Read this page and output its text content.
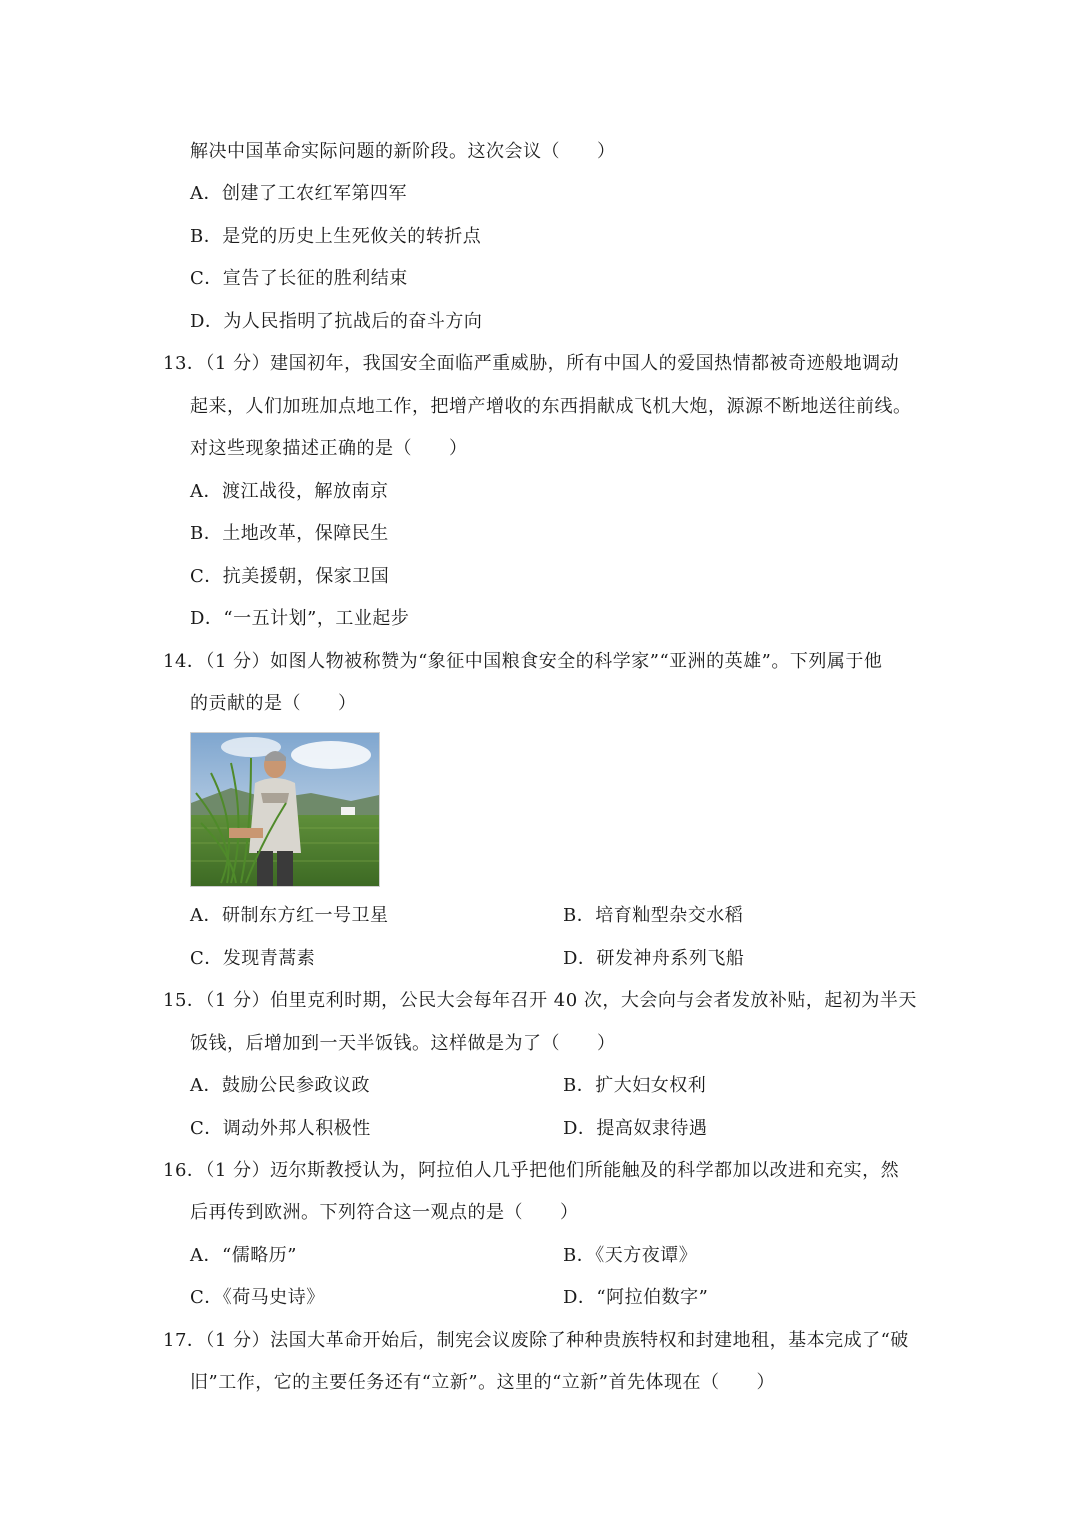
解决中国革命实际问题的新阶段。这次会议（　　）
A．创建了工农红军第四军
B．是党的历史上生死攸关的转折点
C．宣告了长征的胜利结束
D．为人民指明了抗战后的奋斗方向
13．（1 分）建国初年，我国安全面临严重威胁，所有中国人的爱国热情都被奇迹般地调动
起来，人们加班加点地工作，把增产增收的东西捐献成飞机大炮，源源不断地送往前线。
对这些现象描述正确的是（　　）
A．渡江战役，解放南京
B．土地改革，保障民生
C．抗美援朝，保家卫国
D．“一五计划”，工业起步
14．（1 分）如图人物被称赞为“象征中国粮食安全的科学家”“亚洲的英雄”。下列属于他
的贡献的是（　　）
A．研制东方红一号卫星	B．培育籼型杂交水稻
C．发现青蒿素	D．研发神舟系列飞船
15．（1 分）伯里克利时期，公民大会每年召开 40 次，大会向与会者发放补贴，起初为半天
饭钱，后增加到一天半饭钱。这样做是为了（　　）
A．鼓励公民参政议政	B．扩大妇女权利
C．调动外邦人积极性	D．提高奴隶待遇
16．（1 分）迈尔斯教授认为，阿拉伯人几乎把他们所能触及的科学都加以改进和充实，然
后再传到欧洲。下列符合这一观点的是（　　）
A．“儒略历”	B．《天方夜谭》
C．《荷马史诗》	D．“阿拉伯数字”
17．（1 分）法国大革命开始后，制宪会议废除了种种贵族特权和封建地租，基本完成了“破
旧”工作，它的主要任务还有“立新”。这里的“立新”首先体现在（　　）
